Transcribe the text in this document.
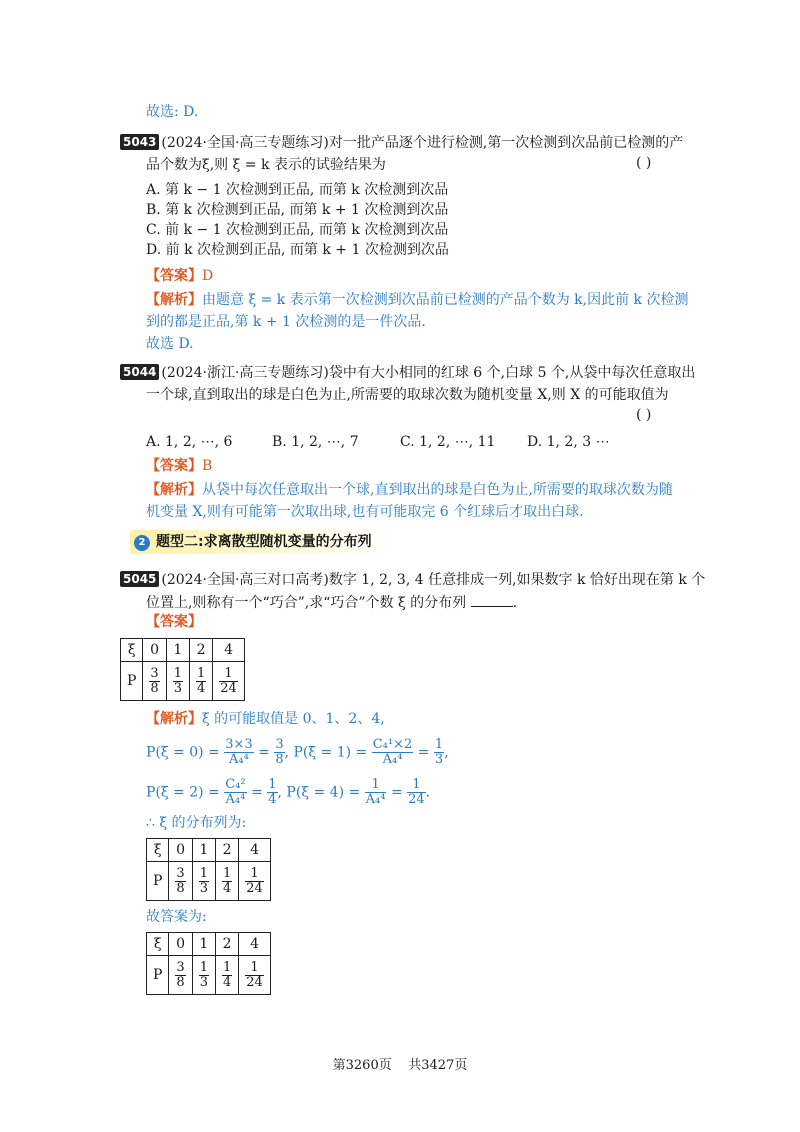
故选: D.
5043 (2024·全国·高三专题练习)对一批产品逐个进行检测,第一次检测到次品前已检测的产
品个数为ξ,则 ξ = k 表示的试验结果为	( )
A. 第 k − 1 次检测到正品, 而第 k 次检测到次品
B. 第 k 次检测到正品, 而第 k + 1 次检测到次品
C. 前 k − 1 次检测到正品, 而第 k 次检测到次品
D. 前 k 次检测到正品, 而第 k + 1 次检测到次品
【答案】D
【解析】由题意 ξ = k 表示第一次检测到次品前已检测的产品个数为 k,因此前 k 次检测
到的都是正品,第 k + 1 次检测的是一件次品.
故选 D.
5044 (2024·浙江·高三专题练习)袋中有大小相同的红球 6 个,白球 5 个,从袋中每次任意取出
一个球,直到取出的球是白色为止,所需要的取球次数为随机变量 X,则 X 的可能取值为
( )
A. 1, 2, ⋯, 6	B. 1, 2, ⋯, 7	C. 1, 2, ⋯, 11 D. 1, 2, 3 ⋯
【答案】B
【解析】从袋中每次任意取出一个球,直到取出的球是白色为止,所需要的取球次数为随
机变量 X,则有可能第一次取出球,也有可能取完 6 个红球后才取出白球.
2 题型二:求离散型随机变量的分布列
5045 (2024·全国·高三对口高考)数字 1, 2, 3, 4 任意排成一列,如果数字 k 恰好出现在第 k 个
位置上,则称有一个“巧合”,求“巧合”个数 ξ 的分布列	.
【答案】
ξ	0	1	2	4
P	$\frac{3}{8}$	$\frac{1}{3}$	$\frac{1}{4}$	$\frac{1}{24}$
【解析】ξ 的可能取值是 0、1、2、4,
$P(\xi = 0) = \frac{3\times 3}{\text{A₄⁴}} = \frac{3}{8}$ , $P(\xi = 1) = \frac{\text{C₄¹×2}}{\text{A₄⁴}} = \frac{1}{3}$ ,
$P(\xi = 2) = \frac{\text{C₄²}}{\text{A₄⁴}} = \frac{1}{4}$ , $P(\xi = 4) = \frac{1}{\text{A₄⁴}} = \frac{1}{24}$ .
∴ ξ 的分布列为:
ξ	0	1	2	4
P	$\frac{3}{8}$	$\frac{1}{3}$	$\frac{1}{4}$	$\frac{1}{24}$
故答案为:
ξ	0	1	2	4
P	$\frac{3}{8}$	$\frac{1}{3}$	$\frac{1}{4}$	$\frac{1}{24}$
第3260页 共3427页
